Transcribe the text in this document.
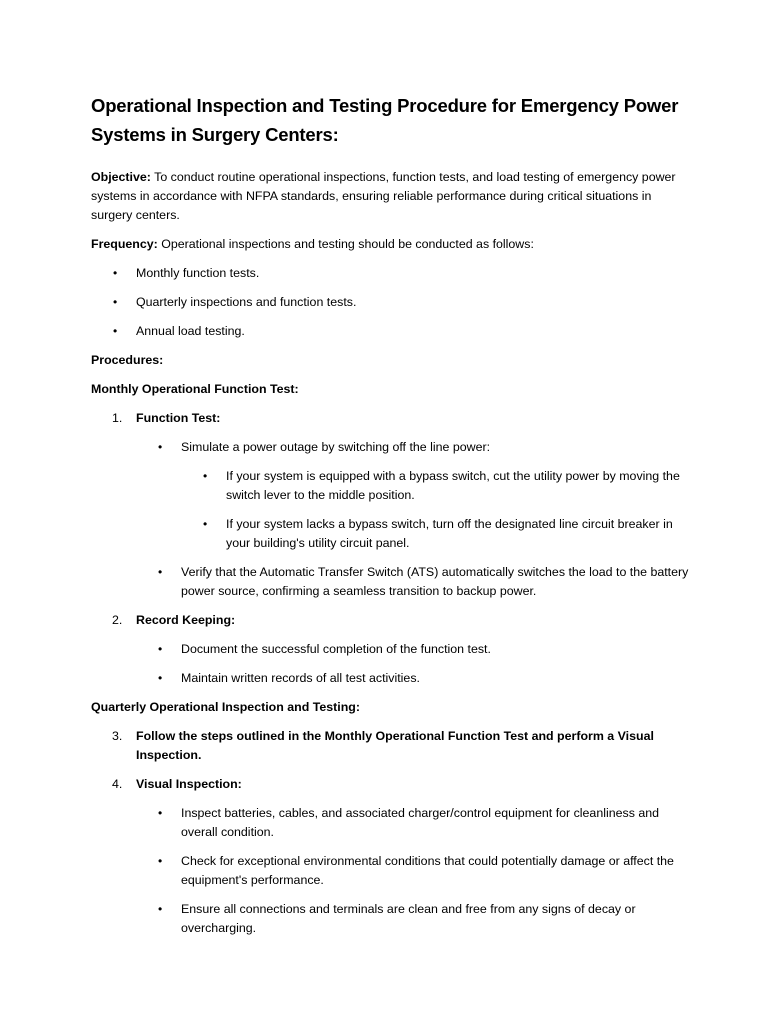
Operational Inspection and Testing Procedure for Emergency Power Systems in Surgery Centers:

Objective: To conduct routine operational inspections, function tests, and load testing of emergency power systems in accordance with NFPA standards, ensuring reliable performance during critical situations in surgery centers.

Frequency: Operational inspections and testing should be conducted as follows:

• Monthly function tests.
• Quarterly inspections and function tests.
• Annual load testing.

Procedures:

Monthly Operational Function Test:

1. Function Test:
• Simulate a power outage by switching off the line power:
• If your system is equipped with a bypass switch, cut the utility power by moving the switch lever to the middle position.
• If your system lacks a bypass switch, turn off the designated line circuit breaker in your building's utility circuit panel.
• Verify that the Automatic Transfer Switch (ATS) automatically switches the load to the battery power source, confirming a seamless transition to backup power.
2. Record Keeping:
• Document the successful completion of the function test.
• Maintain written records of all test activities.

Quarterly Operational Inspection and Testing:

3. Follow the steps outlined in the Monthly Operational Function Test and perform a Visual Inspection.
4. Visual Inspection:
• Inspect batteries, cables, and associated charger/control equipment for cleanliness and overall condition.
• Check for exceptional environmental conditions that could potentially damage or affect the equipment's performance.
• Ensure all connections and terminals are clean and free from any signs of decay or overcharging.
